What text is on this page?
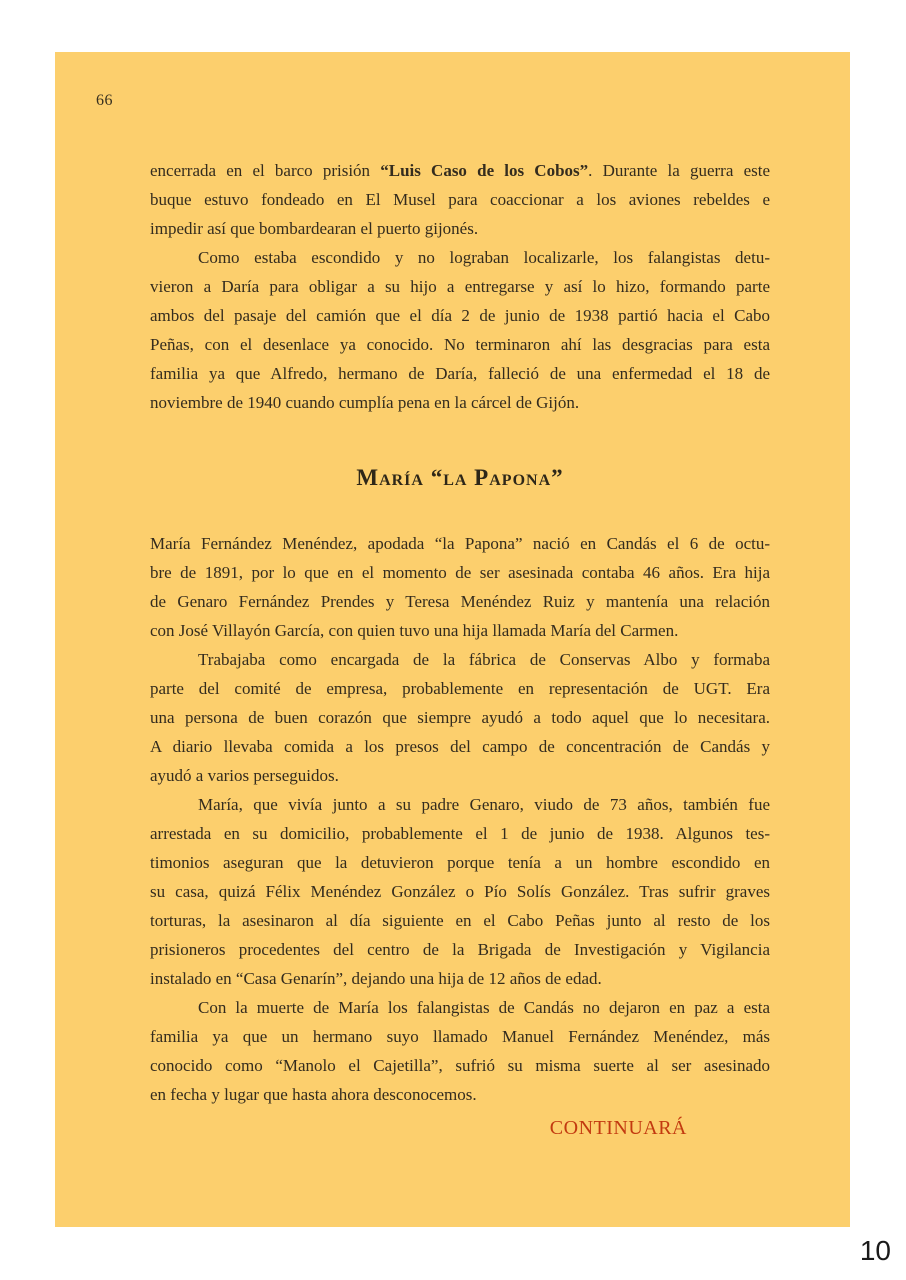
66
encerrada en el barco prisión “Luis Caso de los Cobos”. Durante la guerra este
buque estuvo fondeado en El Musel para coaccionar a los aviones rebeldes e
impedir así que bombardearan el puerto gijonés.
Como estaba escondido y no lograban localizarle, los falangistas detu-
vieron a Daría para obligar a su hijo a entregarse y así lo hizo, formando parte
ambos del pasaje del camión que el día 2 de junio de 1938 partió hacia el Cabo
Peñas, con el desenlace ya conocido. No terminaron ahí las desgracias para esta
familia ya que Alfredo, hermano de Daría, falleció de una enfermedad el 18 de
noviembre de 1940 cuando cumplía pena en la cárcel de Gijón.
María “la Papona”
María Fernández Menéndez, apodada “la Papona” nació en Candás el 6 de octu-
bre de 1891, por lo que en el momento de ser asesinada contaba 46 años. Era hija
de Genaro Fernández Prendes y Teresa Menéndez Ruiz y mantenía una relación
con José Villayón García, con quien tuvo una hija llamada María del Carmen.
Trabajaba como encargada de la fábrica de Conservas Albo y formaba
parte del comité de empresa, probablemente en representación de UGT. Era
una persona de buen corazón que siempre ayudó a todo aquel que lo necesitara.
A diario llevaba comida a los presos del campo de concentración de Candás y
ayudó a varios perseguidos.
María, que vivía junto a su padre Genaro, viudo de 73 años, también fue
arrestada en su domicilio, probablemente el 1 de junio de 1938. Algunos tes-
timonios aseguran que la detuvieron porque tenía a un hombre escondido en
su casa, quizá Félix Menéndez González o Pío Solís González. Tras sufrir graves
torturas, la asesinaron al día siguiente en el Cabo Peñas junto al resto de los
prisioneros procedentes del centro de la Brigada de Investigación y Vigilancia
instalado en “Casa Genarín”, dejando una hija de 12 años de edad.
Con la muerte de María los falangistas de Candás no dejaron en paz a esta
familia ya que un hermano suyo llamado Manuel Fernández Menéndez, más
conocido como “Manolo el Cajetilla”, sufrió su misma suerte al ser asesinado
en fecha y lugar que hasta ahora desconocemos.
CONTINUARÁ
10
